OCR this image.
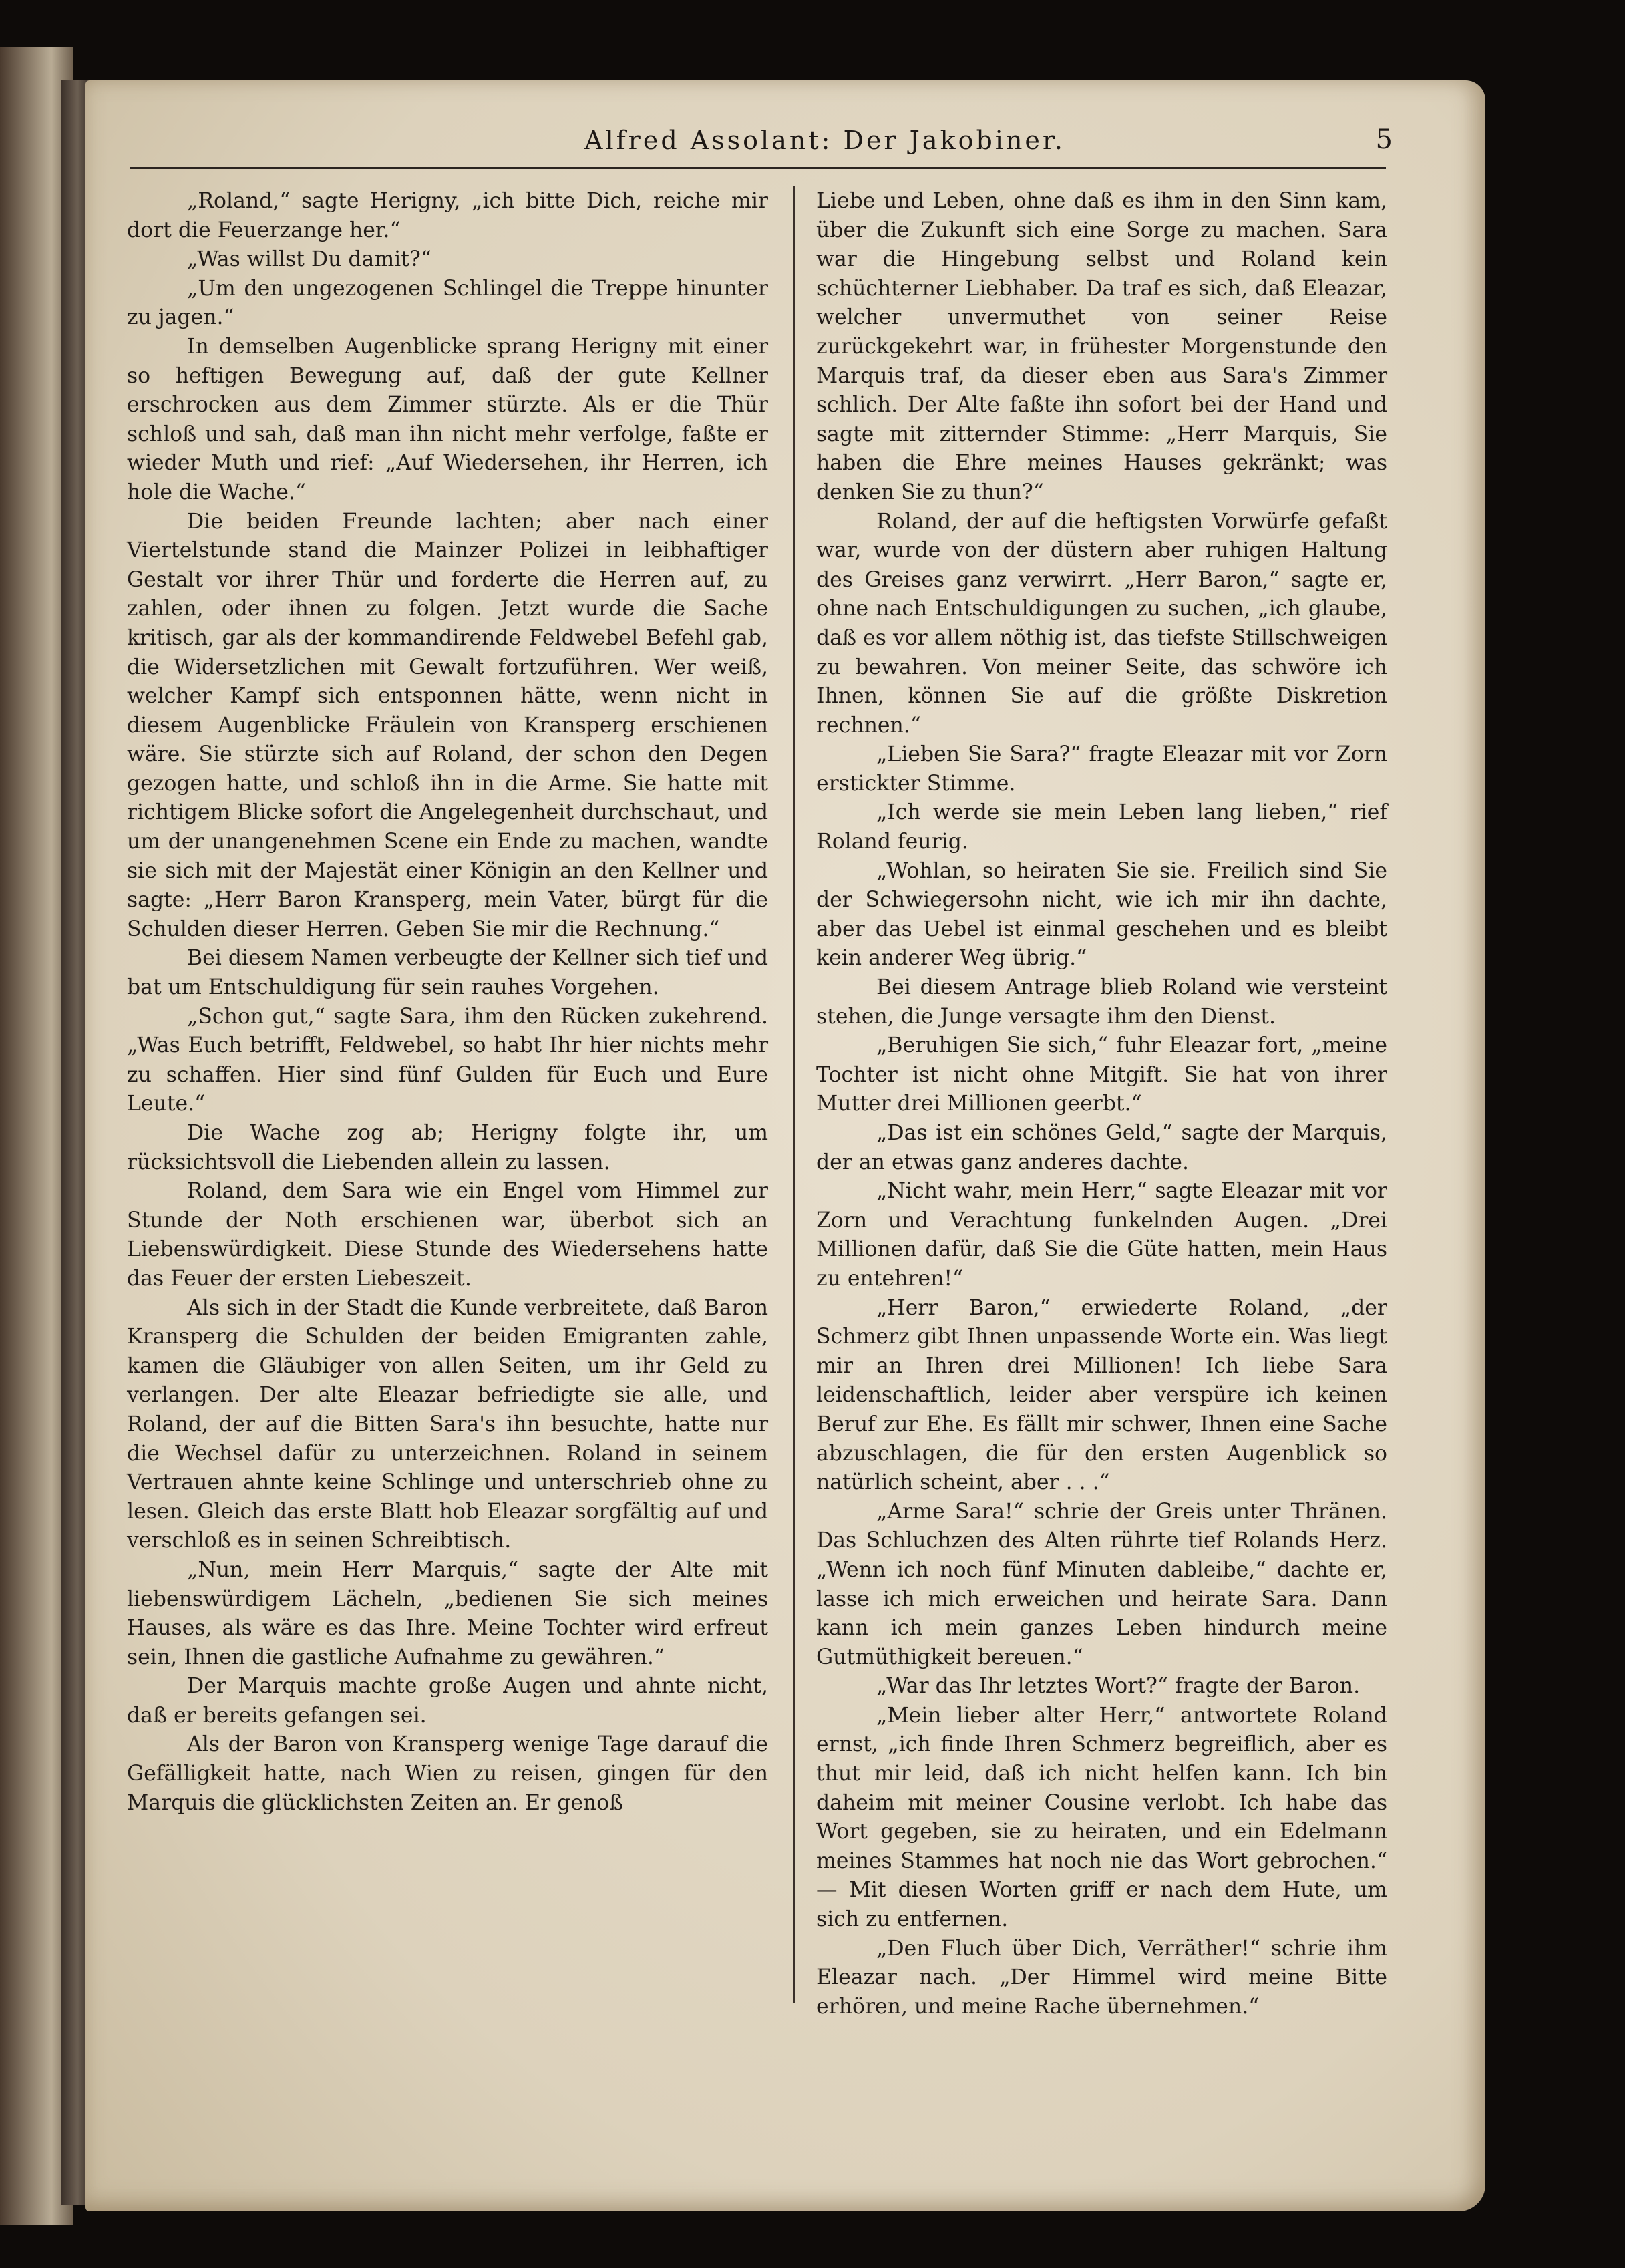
Alfred Assolant: Der Jakobiner.	5

„Roland,“ sagte Herigny, „ich bitte Dich, reiche mir dort die Feuerzange her.“

„Was willst Du damit?“

„Um den ungezogenen Schlingel die Treppe hinunter zu jagen.“

In demselben Augenblicke sprang Herigny mit einer so heftigen Bewegung auf, daß der gute Kellner erschrocken aus dem Zimmer stürzte. Als er die Thür schloß und sah, daß man ihn nicht mehr verfolge, faßte er wieder Muth und rief: „Auf Wiedersehen, ihr Herren, ich hole die Wache.“

Die beiden Freunde lachten; aber nach einer Viertelstunde stand die Mainzer Polizei in leibhaftiger Gestalt vor ihrer Thür und forderte die Herren auf, zu zahlen, oder ihnen zu folgen. Jetzt wurde die Sache kritisch, gar als der kommandirende Feldwebel Befehl gab, die Widersetzlichen mit Gewalt fortzuführen. Wer weiß, welcher Kampf sich entsponnen hätte, wenn nicht in diesem Augenblicke Fräulein von Kransperg erschienen wäre. Sie stürzte sich auf Roland, der schon den Degen gezogen hatte, und schloß ihn in die Arme. Sie hatte mit richtigem Blicke sofort die Angelegenheit durchschaut, und um der unangenehmen Scene ein Ende zu machen, wandte sie sich mit der Majestät einer Königin an den Kellner und sagte: „Herr Baron Kransperg, mein Vater, bürgt für die Schulden dieser Herren. Geben Sie mir die Rechnung.“

Bei diesem Namen verbeugte der Kellner sich tief und bat um Entschuldigung für sein rauhes Vorgehen.

„Schon gut,“ sagte Sara, ihm den Rücken zukehrend. „Was Euch betrifft, Feldwebel, so habt Ihr hier nichts mehr zu schaffen. Hier sind fünf Gulden für Euch und Eure Leute.“

Die Wache zog ab; Herigny folgte ihr, um rücksichtsvoll die Liebenden allein zu lassen.

Roland, dem Sara wie ein Engel vom Himmel zur Stunde der Noth erschienen war, überbot sich an Liebenswürdigkeit. Diese Stunde des Wiedersehens hatte das Feuer der ersten Liebeszeit.

Als sich in der Stadt die Kunde verbreitete, daß Baron Kransperg die Schulden der beiden Emigranten zahle, kamen die Gläubiger von allen Seiten, um ihr Geld zu verlangen. Der alte Eleazar befriedigte sie alle, und Roland, der auf die Bitten Sara's ihn besuchte, hatte nur die Wechsel dafür zu unterzeichnen. Roland in seinem Vertrauen ahnte keine Schlinge und unterschrieb ohne zu lesen. Gleich das erste Blatt hob Eleazar sorgfältig auf und verschloß es in seinen Schreibtisch.

„Nun, mein Herr Marquis,“ sagte der Alte mit liebenswürdigem Lächeln, „bedienen Sie sich meines Hauses, als wäre es das Ihre. Meine Tochter wird erfreut sein, Ihnen die gastliche Aufnahme zu gewähren.“

Der Marquis machte große Augen und ahnte nicht, daß er bereits gefangen sei.

Als der Baron von Kransperg wenige Tage darauf die Gefälligkeit hatte, nach Wien zu reisen, gingen für den Marquis die glücklichsten Zeiten an. Er genoß

Liebe und Leben, ohne daß es ihm in den Sinn kam, über die Zukunft sich eine Sorge zu machen. Sara war die Hingebung selbst und Roland kein schüchterner Liebhaber. Da traf es sich, daß Eleazar, welcher unvermuthet von seiner Reise zurückgekehrt war, in frühester Morgenstunde den Marquis traf, da dieser eben aus Sara's Zimmer schlich. Der Alte faßte ihn sofort bei der Hand und sagte mit zitternder Stimme: „Herr Marquis, Sie haben die Ehre meines Hauses gekränkt; was denken Sie zu thun?“

Roland, der auf die heftigsten Vorwürfe gefaßt war, wurde von der düstern aber ruhigen Haltung des Greises ganz verwirrt. „Herr Baron,“ sagte er, ohne nach Entschuldigungen zu suchen, „ich glaube, daß es vor allem nöthig ist, das tiefste Stillschweigen zu bewahren. Von meiner Seite, das schwöre ich Ihnen, können Sie auf die größte Diskretion rechnen.“

„Lieben Sie Sara?“ fragte Eleazar mit vor Zorn erstickter Stimme.

„Ich werde sie mein Leben lang lieben,“ rief Roland feurig.

„Wohlan, so heiraten Sie sie. Freilich sind Sie der Schwiegersohn nicht, wie ich mir ihn dachte, aber das Uebel ist einmal geschehen und es bleibt kein anderer Weg übrig.“

Bei diesem Antrage blieb Roland wie versteint stehen, die Junge versagte ihm den Dienst.

„Beruhigen Sie sich,“ fuhr Eleazar fort, „meine Tochter ist nicht ohne Mitgift. Sie hat von ihrer Mutter drei Millionen geerbt.“

„Das ist ein schönes Geld,“ sagte der Marquis, der an etwas ganz anderes dachte.

„Nicht wahr, mein Herr,“ sagte Eleazar mit vor Zorn und Verachtung funkelnden Augen. „Drei Millionen dafür, daß Sie die Güte hatten, mein Haus zu entehren!“

„Herr Baron,“ erwiederte Roland, „der Schmerz gibt Ihnen unpassende Worte ein. Was liegt mir an Ihren drei Millionen! Ich liebe Sara leidenschaftlich, leider aber verspüre ich keinen Beruf zur Ehe. Es fällt mir schwer, Ihnen eine Sache abzuschlagen, die für den ersten Augenblick so natürlich scheint, aber . . .“

„Arme Sara!“ schrie der Greis unter Thränen. Das Schluchzen des Alten rührte tief Rolands Herz. „Wenn ich noch fünf Minuten dableibe,“ dachte er, lasse ich mich erweichen und heirate Sara. Dann kann ich mein ganzes Leben hindurch meine Gutmüthigkeit bereuen.“

„War das Ihr letztes Wort?“ fragte der Baron.

„Mein lieber alter Herr,“ antwortete Roland ernst, „ich finde Ihren Schmerz begreiflich, aber es thut mir leid, daß ich nicht helfen kann. Ich bin daheim mit meiner Cousine verlobt. Ich habe das Wort gegeben, sie zu heiraten, und ein Edelmann meines Stammes hat noch nie das Wort gebrochen.“ — Mit diesen Worten griff er nach dem Hute, um sich zu entfernen.

„Den Fluch über Dich, Verräther!“ schrie ihm Eleazar nach. „Der Himmel wird meine Bitte erhören, und meine Rache übernehmen.“
